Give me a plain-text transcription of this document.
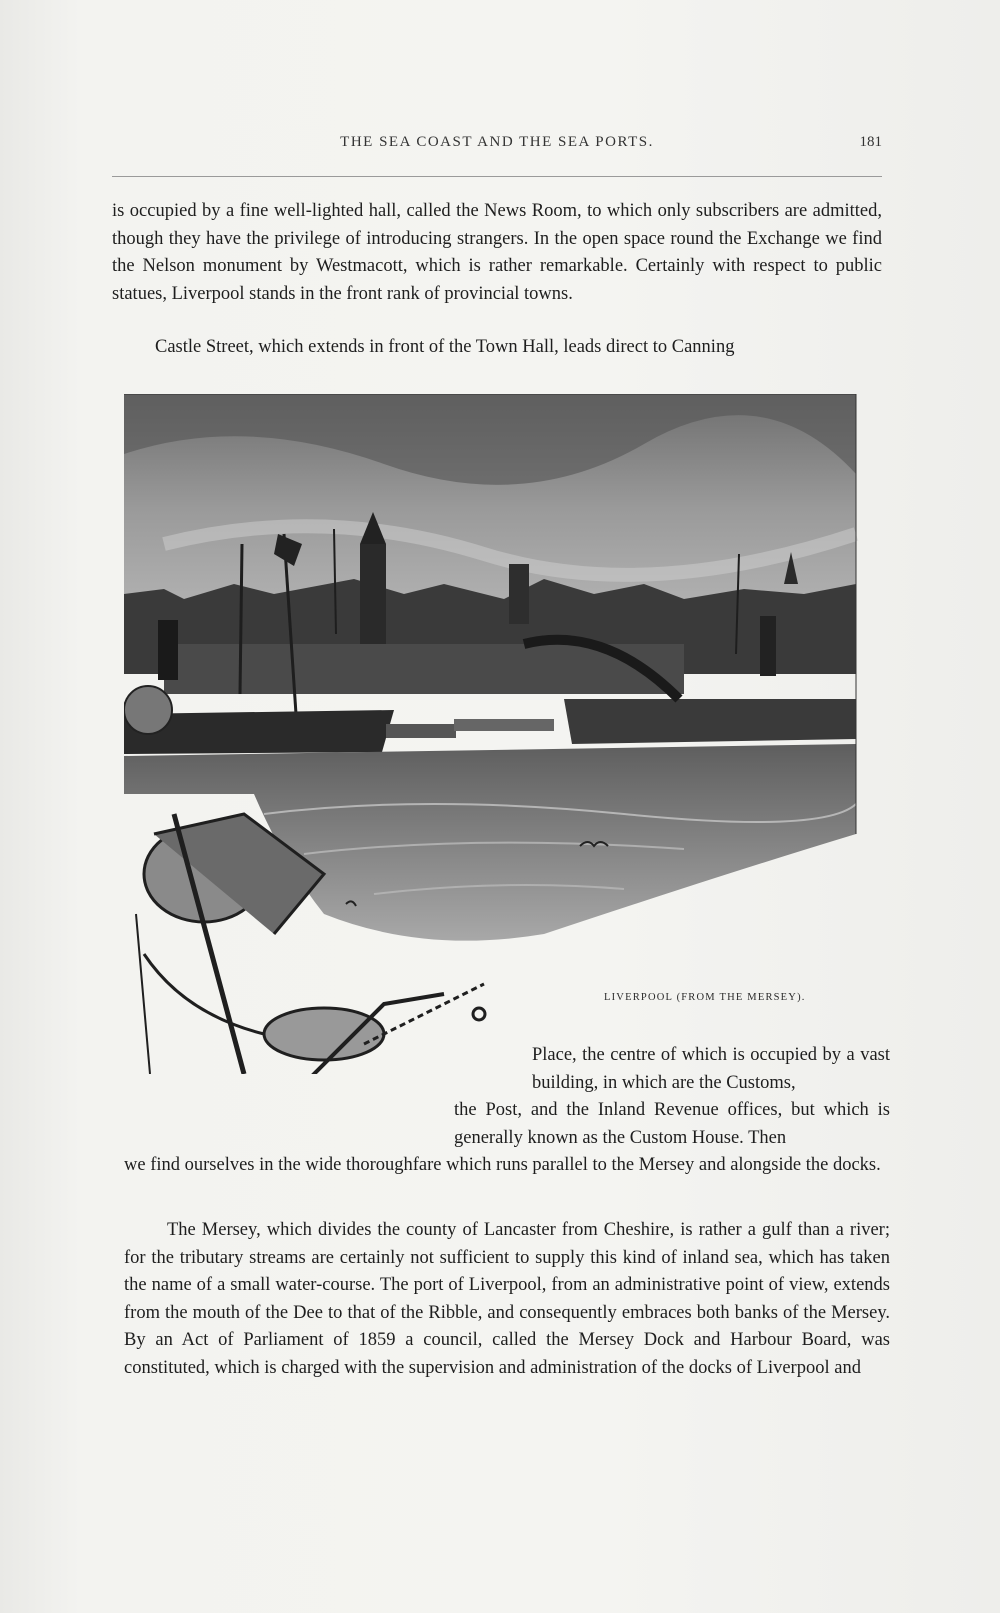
THE SEA COAST AND THE SEA PORTS.	181

is occupied by a fine well-lighted hall, called the News Room, to which only subscribers are admitted, though they have the privilege of introducing strangers. In the open space round the Exchange we find the Nelson monument by Westmacott, which is rather remarkable. Certainly with respect to public statues, Liverpool stands in the front rank of provincial towns.

Castle Street, which extends in front of the Town Hall, leads direct to Canning

LIVERPOOL (FROM THE MERSEY).

Place, the centre of which is occupied by a vast building, in which are the Customs,

the Post, and the Inland Revenue offices, but which is generally known as the Custom House. Then

we find ourselves in the wide thoroughfare which runs parallel to the Mersey and alongside the docks.

The Mersey, which divides the county of Lancaster from Cheshire, is rather a gulf than a river; for the tributary streams are certainly not sufficient to supply this kind of inland sea, which has taken the name of a small water-course. The port of Liverpool, from an administrative point of view, extends from the mouth of the Dee to that of the Ribble, and consequently embraces both banks of the Mersey. By an Act of Parliament of 1859 a council, called the Mersey Dock and Harbour Board, was constituted, which is charged with the supervision and administration of the docks of Liverpool and
